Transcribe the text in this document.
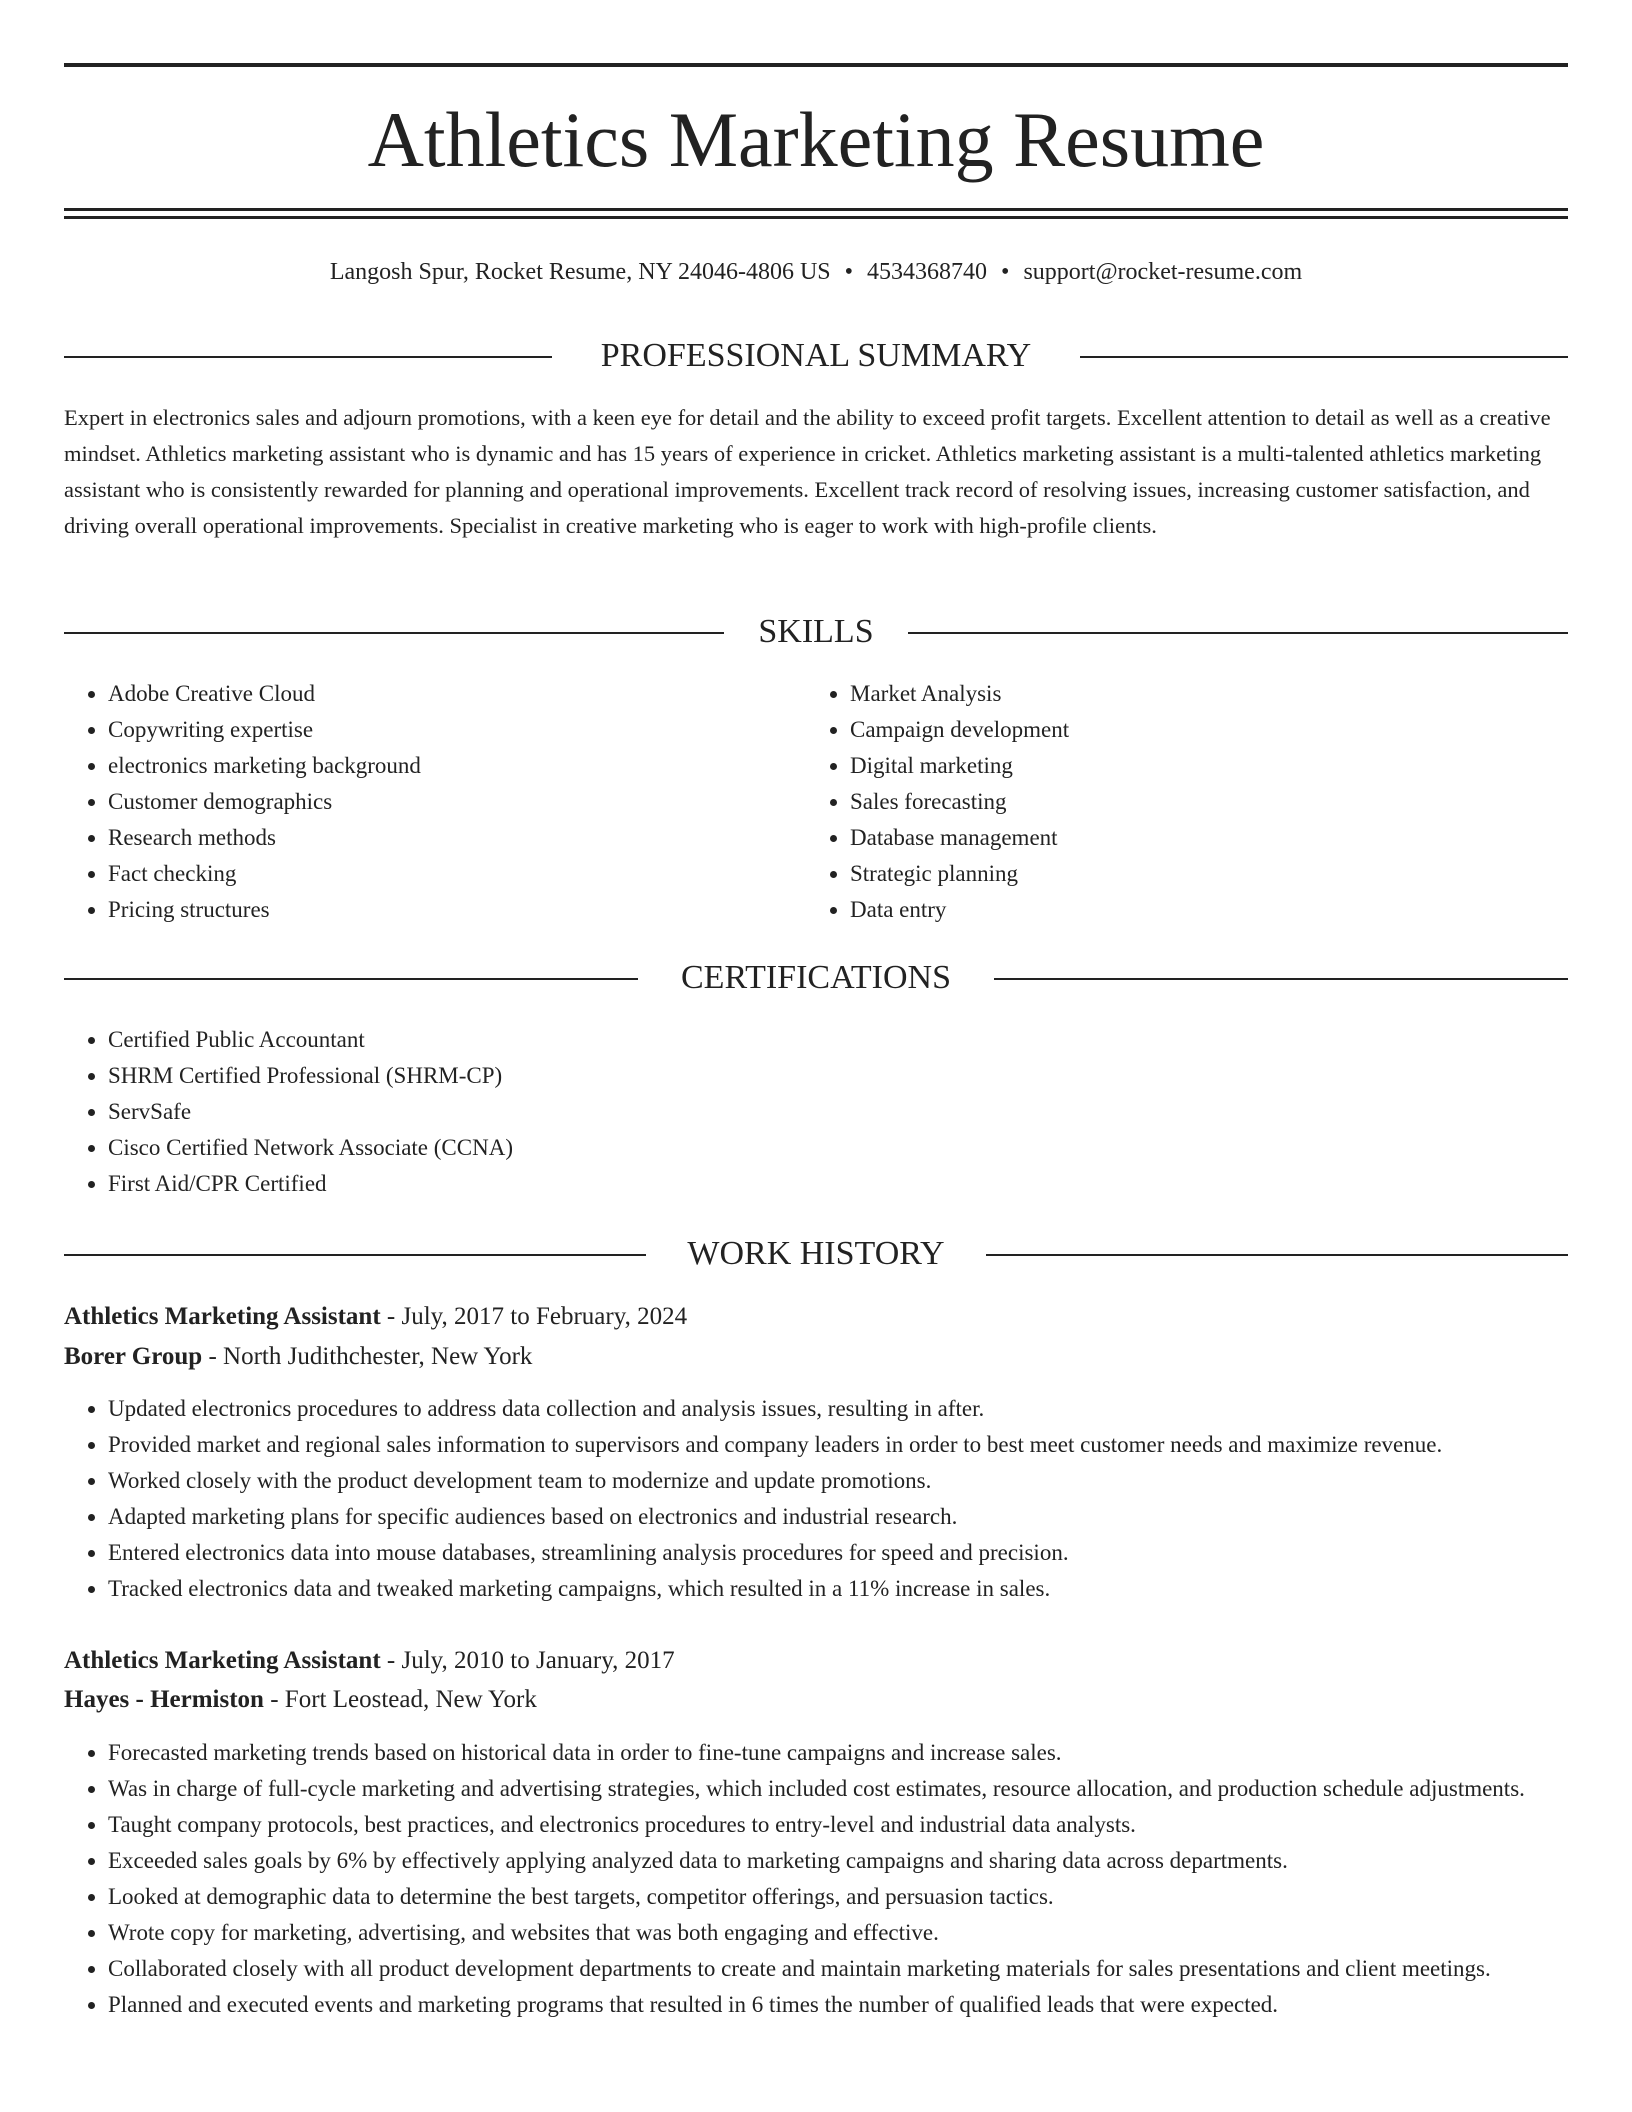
Athletics Marketing Resume
Langosh Spur, Rocket Resume, NY 24046-4806 US • 4534368740 • support@rocket-resume.com
PROFESSIONAL SUMMARY

Expert in electronics sales and adjourn promotions, with a keen eye for detail and the ability to exceed profit targets. Excellent attention to detail as well as a creative mindset. Athletics marketing assistant who is dynamic and has 15 years of experience in cricket. Athletics marketing assistant is a multi-talented athletics marketing assistant who is consistently rewarded for planning and operational improvements. Excellent track record of resolving issues, increasing customer satisfaction, and driving overall operational improvements. Specialist in creative marketing who is eager to work with high-profile clients.

SKILLS
• Adobe Creative Cloud
• Copywriting expertise
• electronics marketing background
• Customer demographics
• Research methods
• Fact checking
• Pricing structures
• Market Analysis
• Campaign development
• Digital marketing
• Sales forecasting
• Database management
• Strategic planning
• Data entry
CERTIFICATIONS
• Certified Public Accountant
• SHRM Certified Professional (SHRM-CP)
• ServSafe
• Cisco Certified Network Associate (CCNA)
• First Aid/CPR Certified
WORK HISTORY
Athletics Marketing Assistant - July, 2017 to February, 2024
Borer Group - North Judithchester, New York
• Updated electronics procedures to address data collection and analysis issues, resulting in after.
• Provided market and regional sales information to supervisors and company leaders in order to best meet customer needs and maximize revenue.
• Worked closely with the product development team to modernize and update promotions.
• Adapted marketing plans for specific audiences based on electronics and industrial research.
• Entered electronics data into mouse databases, streamlining analysis procedures for speed and precision.
• Tracked electronics data and tweaked marketing campaigns, which resulted in a 11% increase in sales.
Athletics Marketing Assistant - July, 2010 to January, 2017
Hayes - Hermiston - Fort Leostead, New York
• Forecasted marketing trends based on historical data in order to fine-tune campaigns and increase sales.
• Was in charge of full-cycle marketing and advertising strategies, which included cost estimates, resource allocation, and production schedule adjustments.
• Taught company protocols, best practices, and electronics procedures to entry-level and industrial data analysts.
• Exceeded sales goals by 6% by effectively applying analyzed data to marketing campaigns and sharing data across departments.
• Looked at demographic data to determine the best targets, competitor offerings, and persuasion tactics.
• Wrote copy for marketing, advertising, and websites that was both engaging and effective.
• Collaborated closely with all product development departments to create and maintain marketing materials for sales presentations and client meetings.
• Planned and executed events and marketing programs that resulted in 6 times the number of qualified leads that were expected.
